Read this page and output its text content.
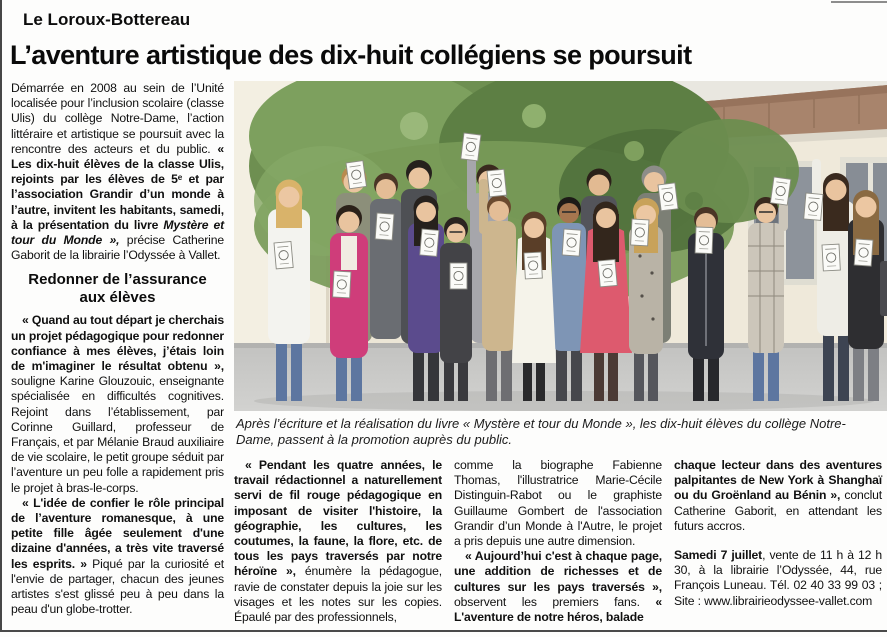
Le Loroux-Bottereau
L’aventure artistique des dix-huit collégiens se poursuit

Démarrée en 2008 au sein de l’Unité localisée pour l’inclusion scolaire (classe Ulis) du collège Notre-Dame, l’action littéraire et artistique se poursuit avec la rencontre des acteurs et du public. « Les dix-huit élèves de la classe Ulis, rejoints par les élèves de 5ᵉ et par l’association Grandir d’un monde à l’autre, invitent les habitants, samedi, à la présentation du livre Mystère et tour du Monde », précise Catherine Gaborit de la librairie l’Odyssée à Vallet.

Redonner de l’assurance aux élèves

« Quand au tout départ je cherchais un projet pédagogique pour redonner confiance à mes élèves, j’étais loin de m'imaginer le résultat obtenu », souligne Karine Glouzouic, enseignante spécialisée en difficultés cognitives. Rejoint dans l’établissement, par Corinne Guillard, professeur de Français, et par Mélanie Braud auxiliaire de vie scolaire, le petit groupe séduit par l’aventure un peu folle a rapidement pris le projet à bras-le-corps.

« L'idée de confier le rôle principal de l’aventure romanesque, à une petite fille âgée seulement d'une dizaine d'années, a très vite traversé les esprits. » Piqué par la curiosité et l'envie de partager, chacun des jeunes artistes s'est glissé peu à peu dans la peau d'un globe-trotter.

Après l’écriture et la réalisation du livre « Mystère et tour du Monde », les dix-huit élèves du collège Notre-Dame, passent à la promotion auprès du public.

« Pendant les quatre années, le travail rédactionnel a naturellement servi de fil rouge pédagogique en imposant de visiter l'histoire, la géographie, les cultures, les coutumes, la faune, la flore, etc. de tous les pays traversés par notre héroïne », énumère la pédagogue, ravie de constater depuis la joie sur les visages et les notes sur les copies. Épaulé par des professionnels,

comme la biographe Fabienne Thomas, l'illustratrice Marie-Cécile Distinguin-Rabot ou le graphiste Guillaume Gombert de l'association Grandir d’un Monde à l'Autre, le projet a pris depuis une autre dimension.

« Aujourd’hui c'est à chaque page, une addition de richesses et de cultures sur les pays traversés », observent les premiers fans. « L'aventure de notre héros, balade

chaque lecteur dans des aventures palpitantes de New York à Shanghaï ou du Groënland au Bénin », conclut Catherine Gaborit, en attendant les futurs accros.

Samedi 7 juillet, vente de 11 h à 12 h 30, à la librairie l’Odyssée, 44, rue François Luneau. Tél. 02 40 33 99 03 ; Site : www.librairieodyssee-vallet.com
